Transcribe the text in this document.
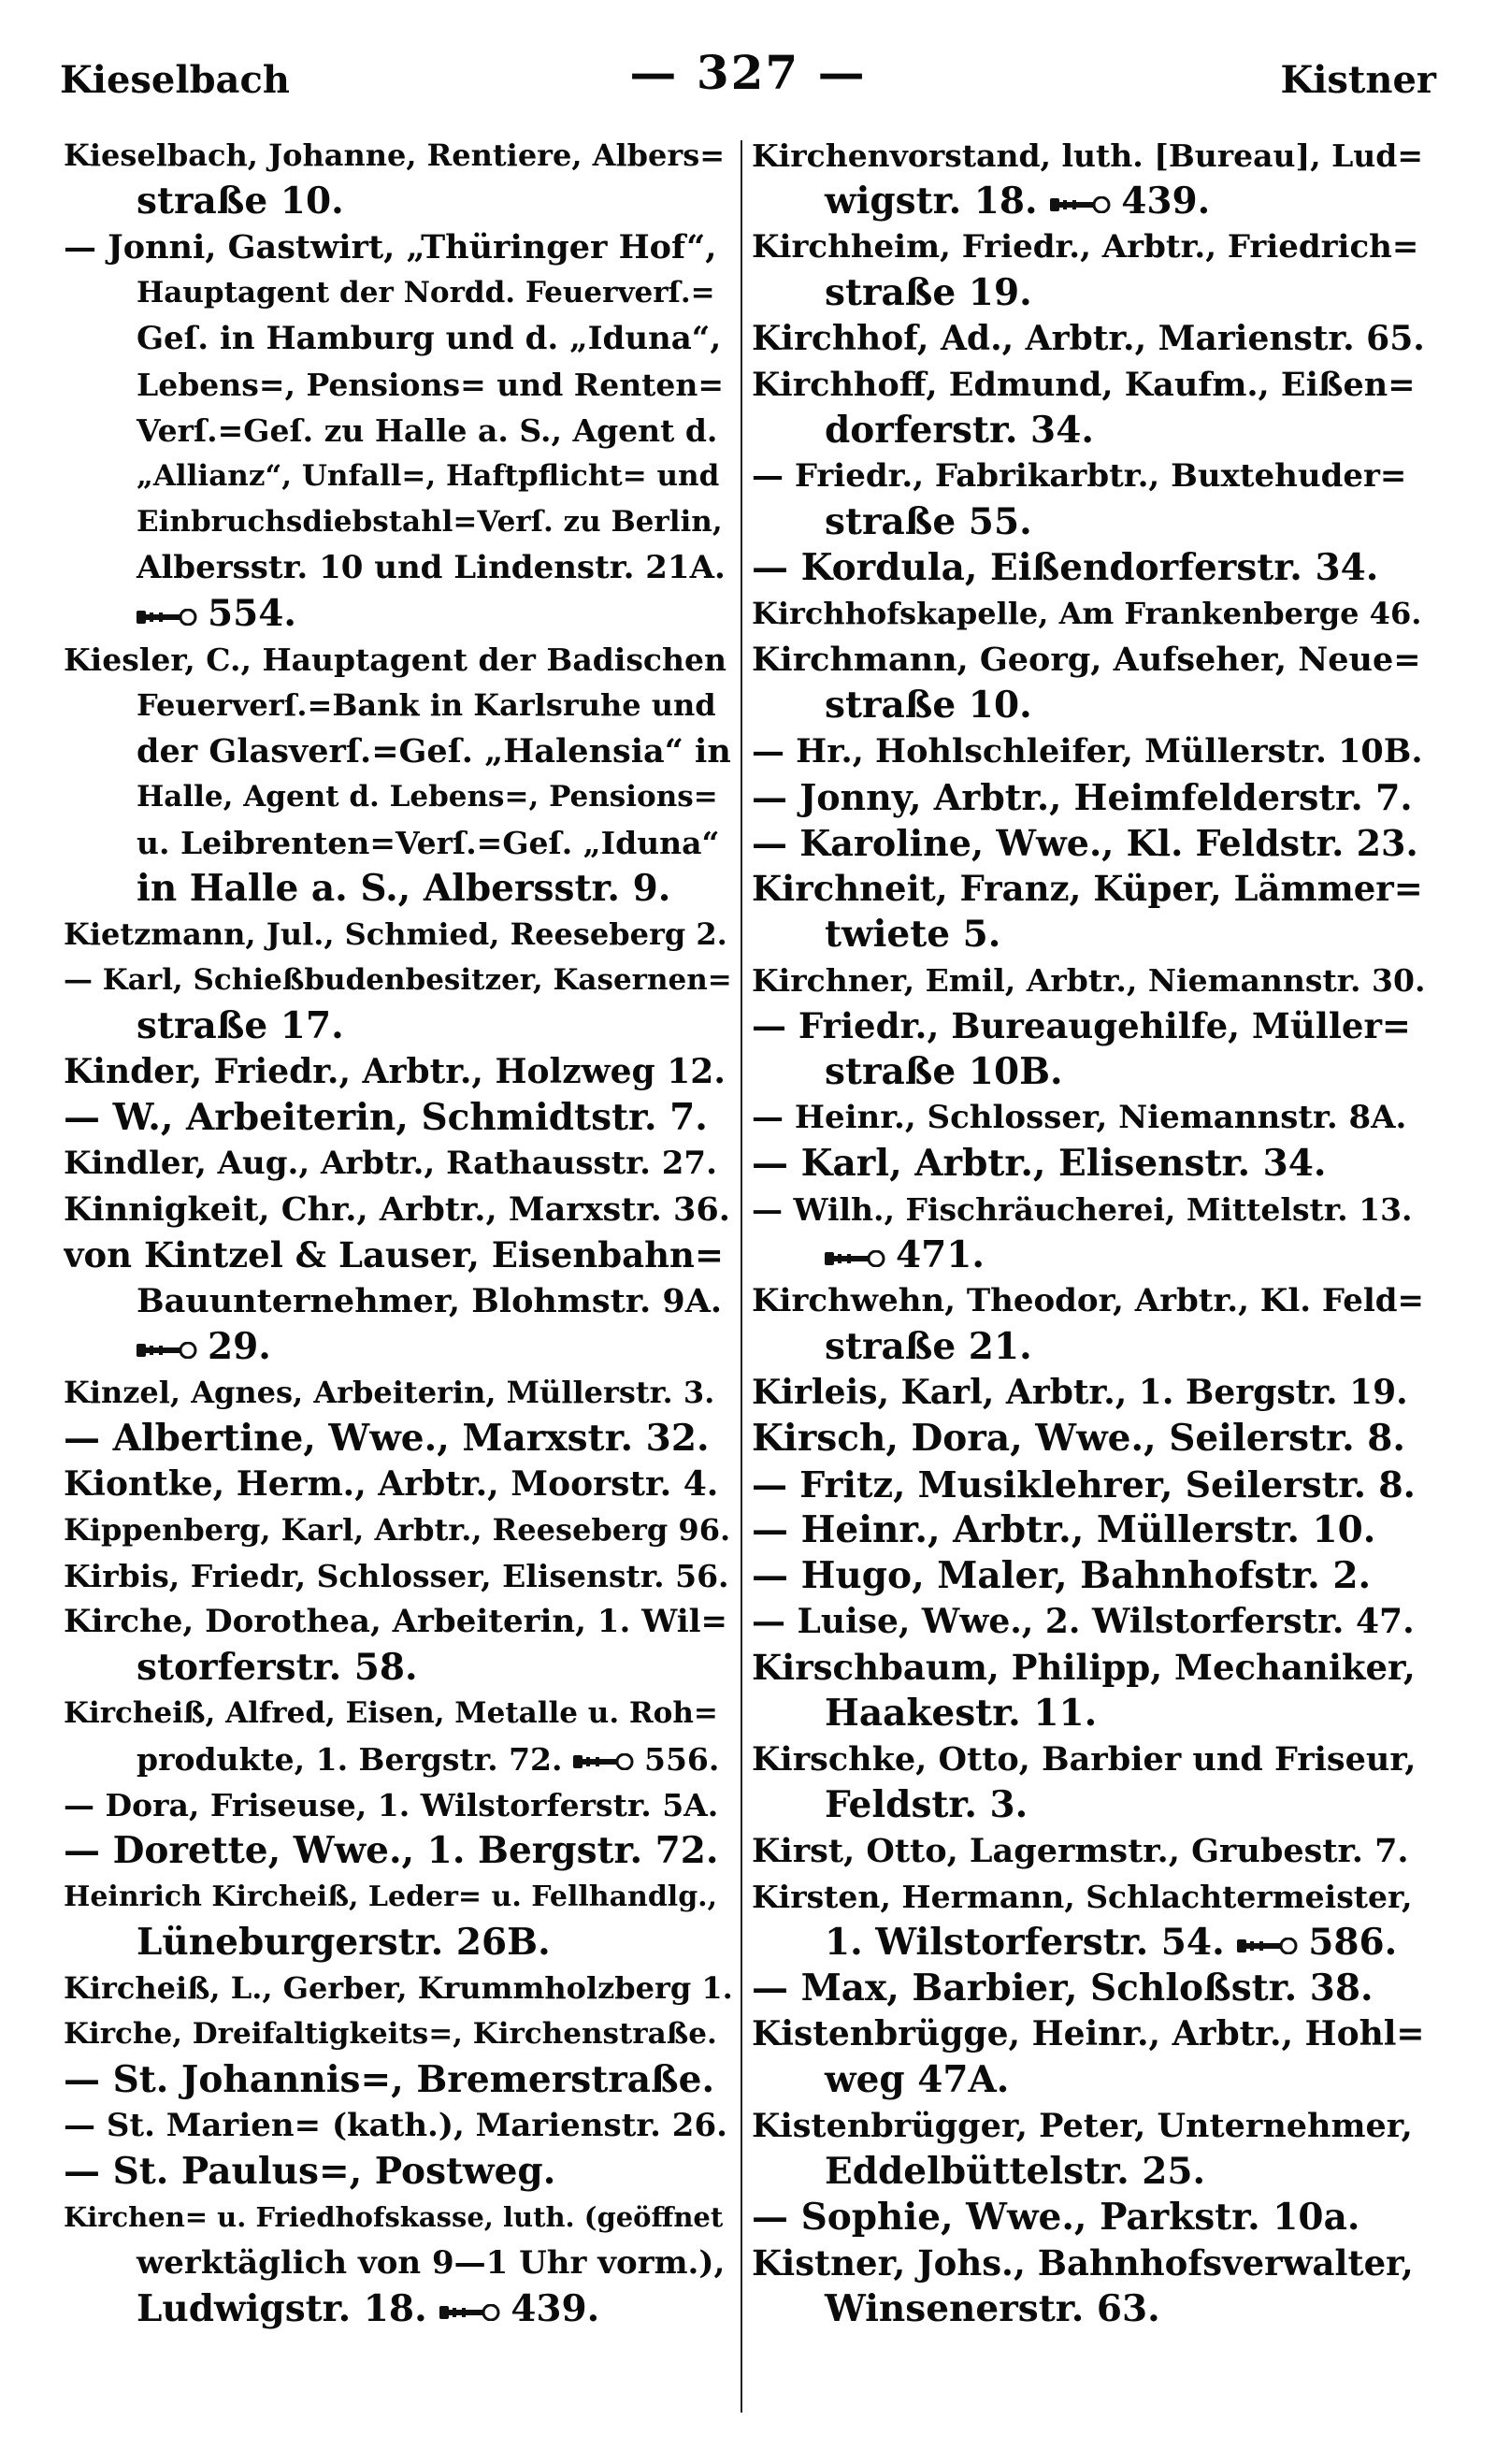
Kieselbach	— 327 —	Kistner
Kieselbach, Johanne, Rentiere, Albers=
straße 10.
— Jonni, Gastwirt, „Thüringer Hof“,
Hauptagent der Nordd. Feuerverſ.=
Geſ. in Hamburg und d. „Iduna“,
Lebens=, Pensions= und Renten=
Verſ.=Geſ. zu Halle a. S., Agent d.
„Allianz“, Unfall=, Haftpflicht= und
Einbruchsdiebstahl=Verſ. zu Berlin,
Albersstr. 10 und Lindenstr. 21A.
554.
Kiesler, C., Hauptagent der Badischen
Feuerverſ.=Bank in Karlsruhe und
der Glasverſ.=Geſ. „Halensia“ in
Halle, Agent d. Lebens=, Pensions=
u. Leibrenten=Verſ.=Geſ. „Iduna“
in Halle a. S., Albersstr. 9.
Kietzmann, Jul., Schmied, Reeseberg 2.
— Karl, Schießbudenbesitzer, Kasernen=
straße 17.
Kinder, Friedr., Arbtr., Holzweg 12.
— W., Arbeiterin, Schmidtstr. 7.
Kindler, Aug., Arbtr., Rathausstr. 27.
Kinnigkeit, Chr., Arbtr., Marxstr. 36.
von Kintzel & Lauser, Eisenbahn=
Bauunternehmer, Blohmstr. 9A.
29.
Kinzel, Agnes, Arbeiterin, Müllerstr. 3.
— Albertine, Wwe., Marxstr. 32.
Kiontke, Herm., Arbtr., Moorstr. 4.
Kippenberg, Karl, Arbtr., Reeseberg 96.
Kirbis, Friedr, Schlosser, Elisenstr. 56.
Kirche, Dorothea, Arbeiterin, 1. Wil=
storferstr. 58.
Kircheiß, Alfred, Eisen, Metalle u. Roh=
produkte, 1. Bergstr. 72.	556.
— Dora, Friseuse, 1. Wilstorferstr. 5A.
— Dorette, Wwe., 1. Bergstr. 72.
Heinrich Kircheiß, Leder= u. Fellhandlg.,
Lüneburgerstr. 26B.
Kircheiß, L., Gerber, Krummholzberg 1.
Kirche, Dreifaltigkeits=, Kirchenstraße.
— St. Johannis=, Bremerstraße.
— St. Marien= (kath.), Marienstr. 26.
— St. Paulus=, Postweg.
Kirchen= u. Friedhofskasse, luth. (geöffnet
werktäglich von 9—1 Uhr vorm.),
Ludwigstr. 18. 439.
Kirchenvorstand, luth. [Bureau], Lud=
wigstr. 18. 439.
Kirchheim, Friedr., Arbtr., Friedrich=
straße 19.
Kirchhof, Ad., Arbtr., Marienstr. 65.
Kirchhoff, Edmund, Kaufm., Eißen=
dorferstr. 34.
— Friedr., Fabrikarbtr., Buxtehuder=
straße 55.
— Kordula, Eißendorferstr. 34.
Kirchhofskapelle, Am Frankenberge 46.
Kirchmann, Georg, Aufseher, Neue=
straße 10.
— Hr., Hohlschleifer, Müllerstr. 10B.
— Jonny, Arbtr., Heimfelderstr. 7.
— Karoline, Wwe., Kl. Feldstr. 23.
Kirchneit, Franz, Küper, Lämmer=
twiete 5.
Kirchner, Emil, Arbtr., Niemannstr. 30.
— Friedr., Bureaugehilfe, Müller=
straße 10B.
— Heinr., Schlosser, Niemannstr. 8A.
— Karl, Arbtr., Elisenstr. 34.
— Wilh., Fischräucherei, Mittelstr. 13.
471.
Kirchwehn, Theodor, Arbtr., Kl. Feld=
straße 21.
Kirleis, Karl, Arbtr., 1. Bergstr. 19.
Kirsch, Dora, Wwe., Seilerstr. 8.
— Fritz, Musiklehrer, Seilerstr. 8.
— Heinr., Arbtr., Müllerstr. 10.
— Hugo, Maler, Bahnhofstr. 2.
— Luise, Wwe., 2. Wilstorferstr. 47.
Kirschbaum, Philipp, Mechaniker,
Haakestr. 11.
Kirschke, Otto, Barbier und Friseur,
Feldstr. 3.
Kirst, Otto, Lagermstr., Grubestr. 7.
Kirsten, Hermann, Schlachtermeister,
1. Wilstorferstr. 54. 586.
— Max, Barbier, Schloßstr. 38.
Kistenbrügge, Heinr., Arbtr., Hohl=
weg 47A.
Kistenbrügger, Peter, Unternehmer,
Eddelbüttelstr. 25.
— Sophie, Wwe., Parkstr. 10a.
Kistner, Johs., Bahnhofsverwalter,
Winsenerstr. 63.
